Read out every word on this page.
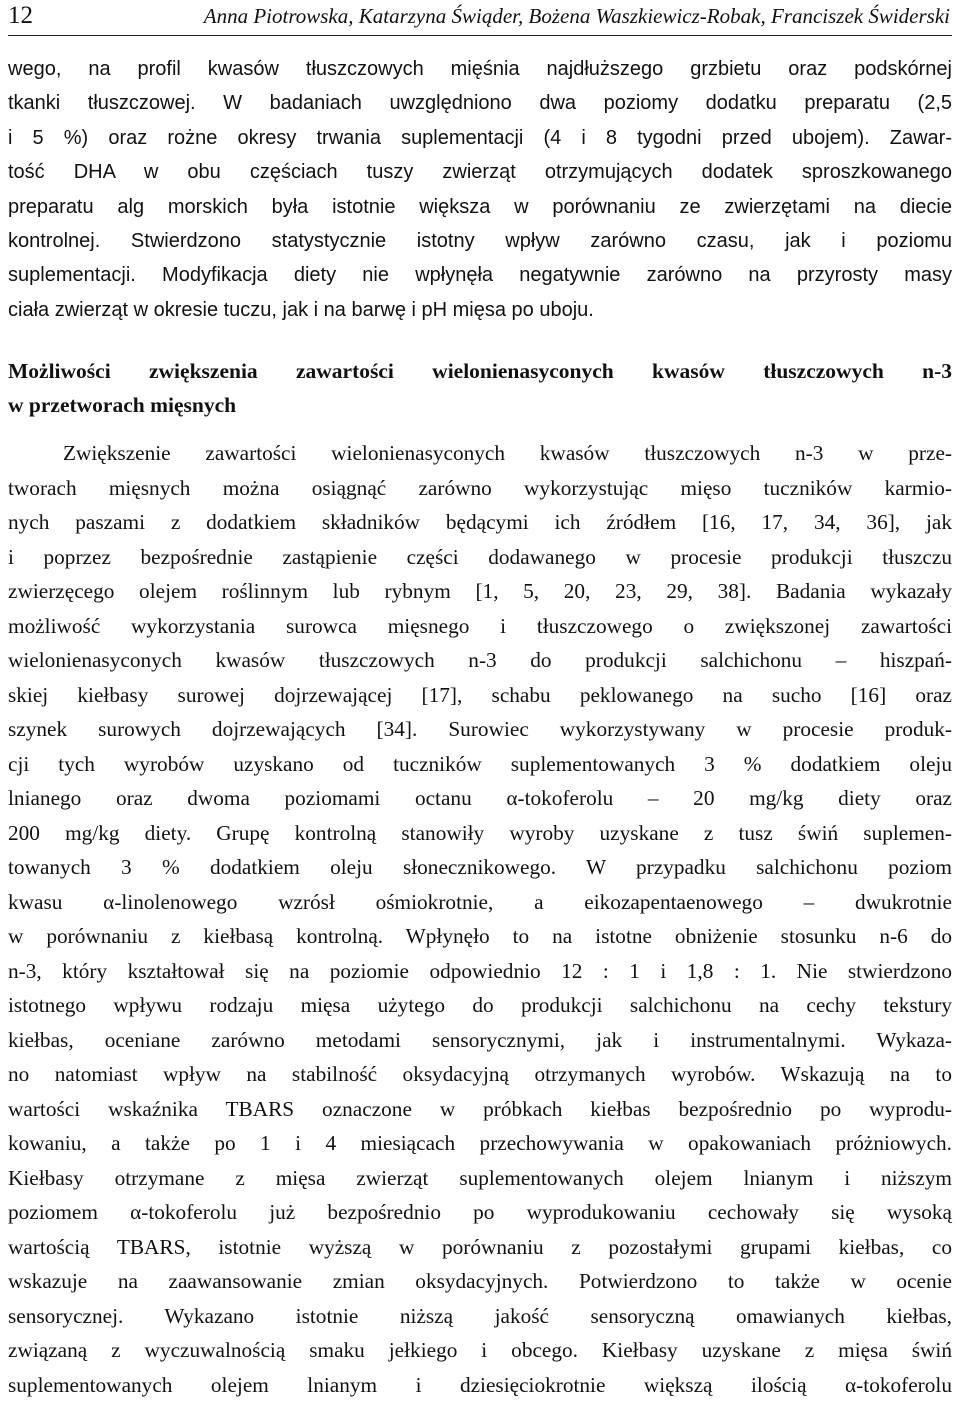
12	Anna Piotrowska, Katarzyna Świąder, Bożena Waszkiewicz-Robak, Franciszek Świderski
wego, na profil kwasów tłuszczowych mięśnia najdłuższego grzbietu oraz podskórnej
tkanki tłuszczowej. W badaniach uwzględniono dwa poziomy dodatku preparatu (2,5
i 5 %) oraz rożne okresy trwania suplementacji (4 i 8 tygodni przed ubojem). Zawar-
tość DHA w obu częściach tuszy zwierząt otrzymujących dodatek sproszkowanego
preparatu alg morskich była istotnie większa w porównaniu ze zwierzętami na diecie
kontrolnej. Stwierdzono statystycznie istotny wpływ zarówno czasu, jak i poziomu
suplementacji. Modyfikacja diety nie wpłynęła negatywnie zarówno na przyrosty masy
ciała zwierząt w okresie tuczu, jak i na barwę i pH mięsa po uboju.
Możliwości zwiększenia zawartości wielonienasyconych kwasów tłuszczowych n-3
w przetworach mięsnych
Zwiększenie zawartości wielonienasyconych kwasów tłuszczowych n-3 w prze-
tworach mięsnych można osiągnąć zarówno wykorzystując mięso tuczników karmio-
nych paszami z dodatkiem składników będącymi ich źródłem [16, 17, 34, 36], jak
i poprzez bezpośrednie zastąpienie części dodawanego w procesie produkcji tłuszczu
zwierzęcego olejem roślinnym lub rybnym [1, 5, 20, 23, 29, 38]. Badania wykazały
możliwość wykorzystania surowca mięsnego i tłuszczowego o zwiększonej zawartości
wielonienasyconych kwasów tłuszczowych n-3 do produkcji salchichonu – hiszpań-
skiej kiełbasy surowej dojrzewającej [17], schabu peklowanego na sucho [16] oraz
szynek surowych dojrzewających [34]. Surowiec wykorzystywany w procesie produk-
cji tych wyrobów uzyskano od tuczników suplementowanych 3 % dodatkiem oleju
lnianego oraz dwoma poziomami octanu α-tokoferolu – 20 mg/kg diety oraz
200 mg/kg diety. Grupę kontrolną stanowiły wyroby uzyskane z tusz świń suplemen-
towanych 3 % dodatkiem oleju słonecznikowego. W przypadku salchichonu poziom
kwasu α-linolenowego wzrósł ośmiokrotnie, a eikozapentaenowego – dwukrotnie
w porównaniu z kiełbasą kontrolną. Wpłynęło to na istotne obniżenie stosunku n-6 do
n-3, który kształtował się na poziomie odpowiednio 12 : 1 i 1,8 : 1. Nie stwierdzono
istotnego wpływu rodzaju mięsa użytego do produkcji salchichonu na cechy tekstury
kiełbas, oceniane zarówno metodami sensorycznymi, jak i instrumentalnymi. Wykaza-
no natomiast wpływ na stabilność oksydacyjną otrzymanych wyrobów. Wskazują na to
wartości wskaźnika TBARS oznaczone w próbkach kiełbas bezpośrednio po wyprodu-
kowaniu, a także po 1 i 4 miesiącach przechowywania w opakowaniach próżniowych.
Kiełbasy otrzymane z mięsa zwierząt suplementowanych olejem lnianym i niższym
poziomem α-tokoferolu już bezpośrednio po wyprodukowaniu cechowały się wysoką
wartością TBARS, istotnie wyższą w porównaniu z pozostałymi grupami kiełbas, co
wskazuje na zaawansowanie zmian oksydacyjnych. Potwierdzono to także w ocenie
sensorycznej. Wykazano istotnie niższą jakość sensoryczną omawianych kiełbas,
związaną z wyczuwalnością smaku jełkiego i obcego. Kiełbasy uzyskane z mięsa świń
suplementowanych olejem lnianym i dziesięciokrotnie większą ilością α-tokoferolu
